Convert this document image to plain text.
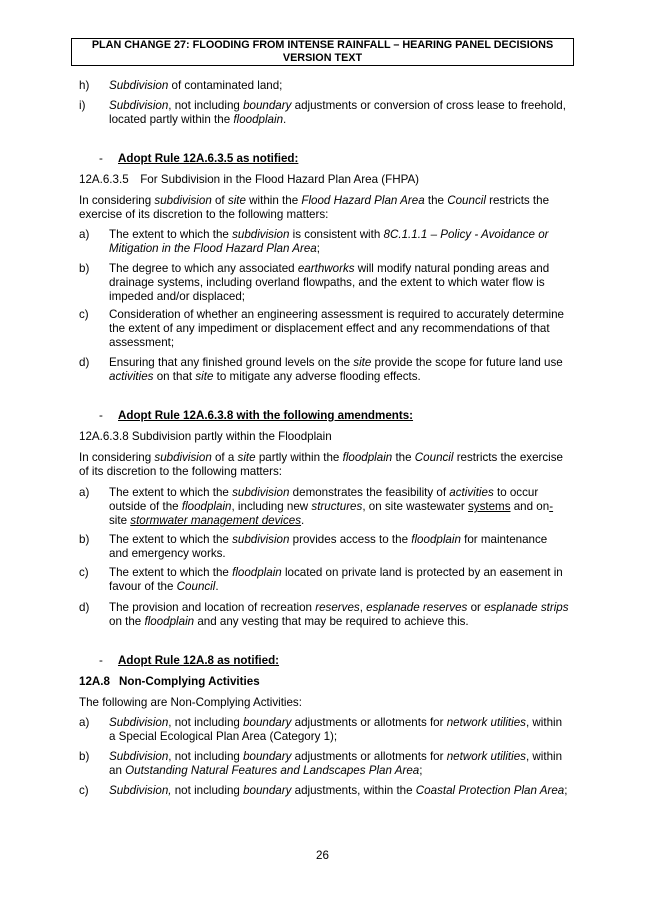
PLAN CHANGE 27: FLOODING FROM INTENSE RAINFALL – HEARING PANEL DECISIONS
VERSION TEXT
h) Subdivision of contaminated land;
i) Subdivision, not including boundary adjustments or conversion of cross lease to freehold, located partly within the floodplain.
- Adopt Rule 12A.6.3.5 as notified:
12A.6.3.5 For Subdivision in the Flood Hazard Plan Area (FHPA)
In considering subdivision of site within the Flood Hazard Plan Area the Council restricts the exercise of its discretion to the following matters:
a) The extent to which the subdivision is consistent with 8C.1.1.1 – Policy - Avoidance or Mitigation in the Flood Hazard Plan Area;
b) The degree to which any associated earthworks will modify natural ponding areas and drainage systems, including overland flowpaths, and the extent to which water flow is impeded and/or displaced;
c) Consideration of whether an engineering assessment is required to accurately determine the extent of any impediment or displacement effect and any recommendations of that assessment;
d) Ensuring that any finished ground levels on the site provide the scope for future land use activities on that site to mitigate any adverse flooding effects.
- Adopt Rule 12A.6.3.8 with the following amendments:
12A.6.3.8 Subdivision partly within the Floodplain
In considering subdivision of a site partly within the floodplain the Council restricts the exercise of its discretion to the following matters:
a) The extent to which the subdivision demonstrates the feasibility of activities to occur outside of the floodplain, including new structures, on site wastewater systems and on- site stormwater management devices.
b) The extent to which the subdivision provides access to the floodplain for maintenance and emergency works.
c) The extent to which the floodplain located on private land is protected by an easement in favour of the Council.
d) The provision and location of recreation reserves, esplanade reserves or esplanade strips on the floodplain and any vesting that may be required to achieve this.
- Adopt Rule 12A.8 as notified:
12A.8 Non-Complying Activities
The following are Non-Complying Activities:
a) Subdivision, not including boundary adjustments or allotments for network utilities, within a Special Ecological Plan Area (Category 1);
b) Subdivision, not including boundary adjustments or allotments for network utilities, within an Outstanding Natural Features and Landscapes Plan Area;
c) Subdivision, not including boundary adjustments, within the Coastal Protection Plan Area;
26
